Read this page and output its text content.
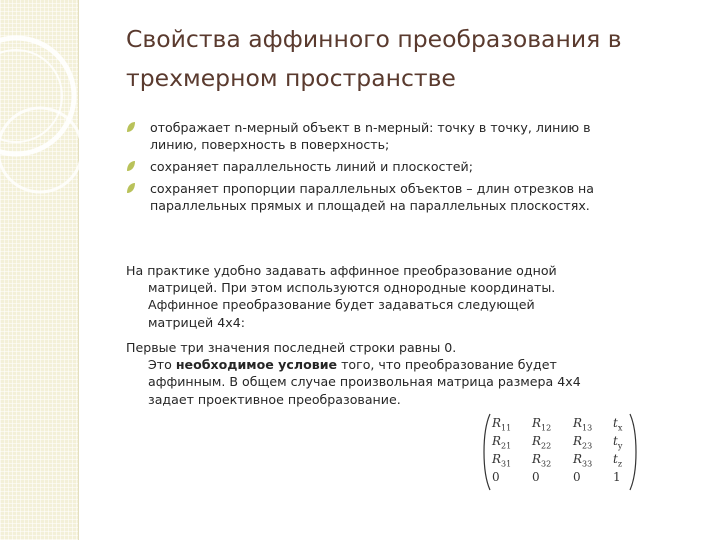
Свойства аффинного преобразования в трехмерном пространстве
отображает n-мерный объект в n-мерный: точку в точку, линию в линию, поверхность в поверхность;
сохраняет параллельность линий и плоскостей;
сохраняет пропорции параллельных объектов – длин отрезков на параллельных прямых и площадей на параллельных плоскостях.

На практике удобно задавать аффинное преобразование одной
матрицей. При этом используются однородные координаты. Аффинное преобразование будет задаваться следующей матрицей 4x4:

Первые три значения последней строки равны 0.
Это необходимое условие того, что преобразование будет аффинным. В общем случае произвольная матрица размера 4x4 задает проективное преобразование.

$R_{11}$ $R_{12}$ $R_{13}$ $t_x$
$R_{21}$ $R_{22}$ $R_{23}$ $t_y$
$R_{31}$ $R_{32}$ $R_{33}$ $t_z$
0	0	0	1
